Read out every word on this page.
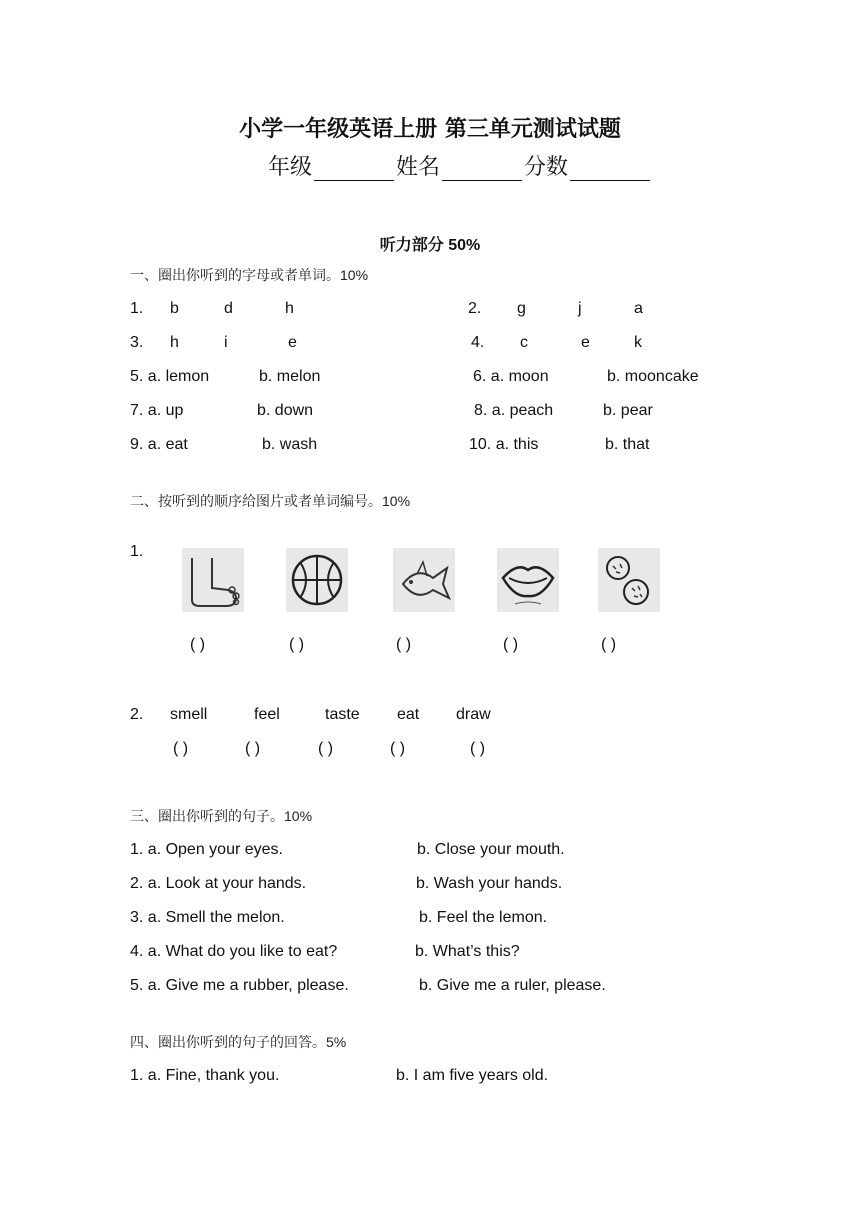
小学一年级英语上册 第三单元测试试题
年级	姓名	分数
听力部分 50%
一、圈出你听到的字母或者单词。10%
1. b	d	h	2. g	j	a
3. h	i	e	4. c	e	k
5. a. lemon	b. melon	6. a. moon	b. mooncake
7. a. up	b. down	8. a. peach	b. pear
9. a. eat	b. wash	10. a. this	b. that
二、按听到的顺序给图片或者单词编号。10%
1.
( )	( )	( )	( )	( )
2. smell	feel	taste eat draw
( )	( )	( )	( )	( )
三、圈出你听到的句子。10%
1. a. Open your eyes.	b. Close your mouth.
2. a. Look at your hands.	b. Wash your hands.
3. a. Smell the melon.	b. Feel the lemon.
4. a. What do you like to eat?	b. What’s this?
5. a. Give me a rubber, please.	b. Give me a ruler, please.
四、圈出你听到的句子的回答。5%
1. a. Fine, thank you.	b. I am five years old.
